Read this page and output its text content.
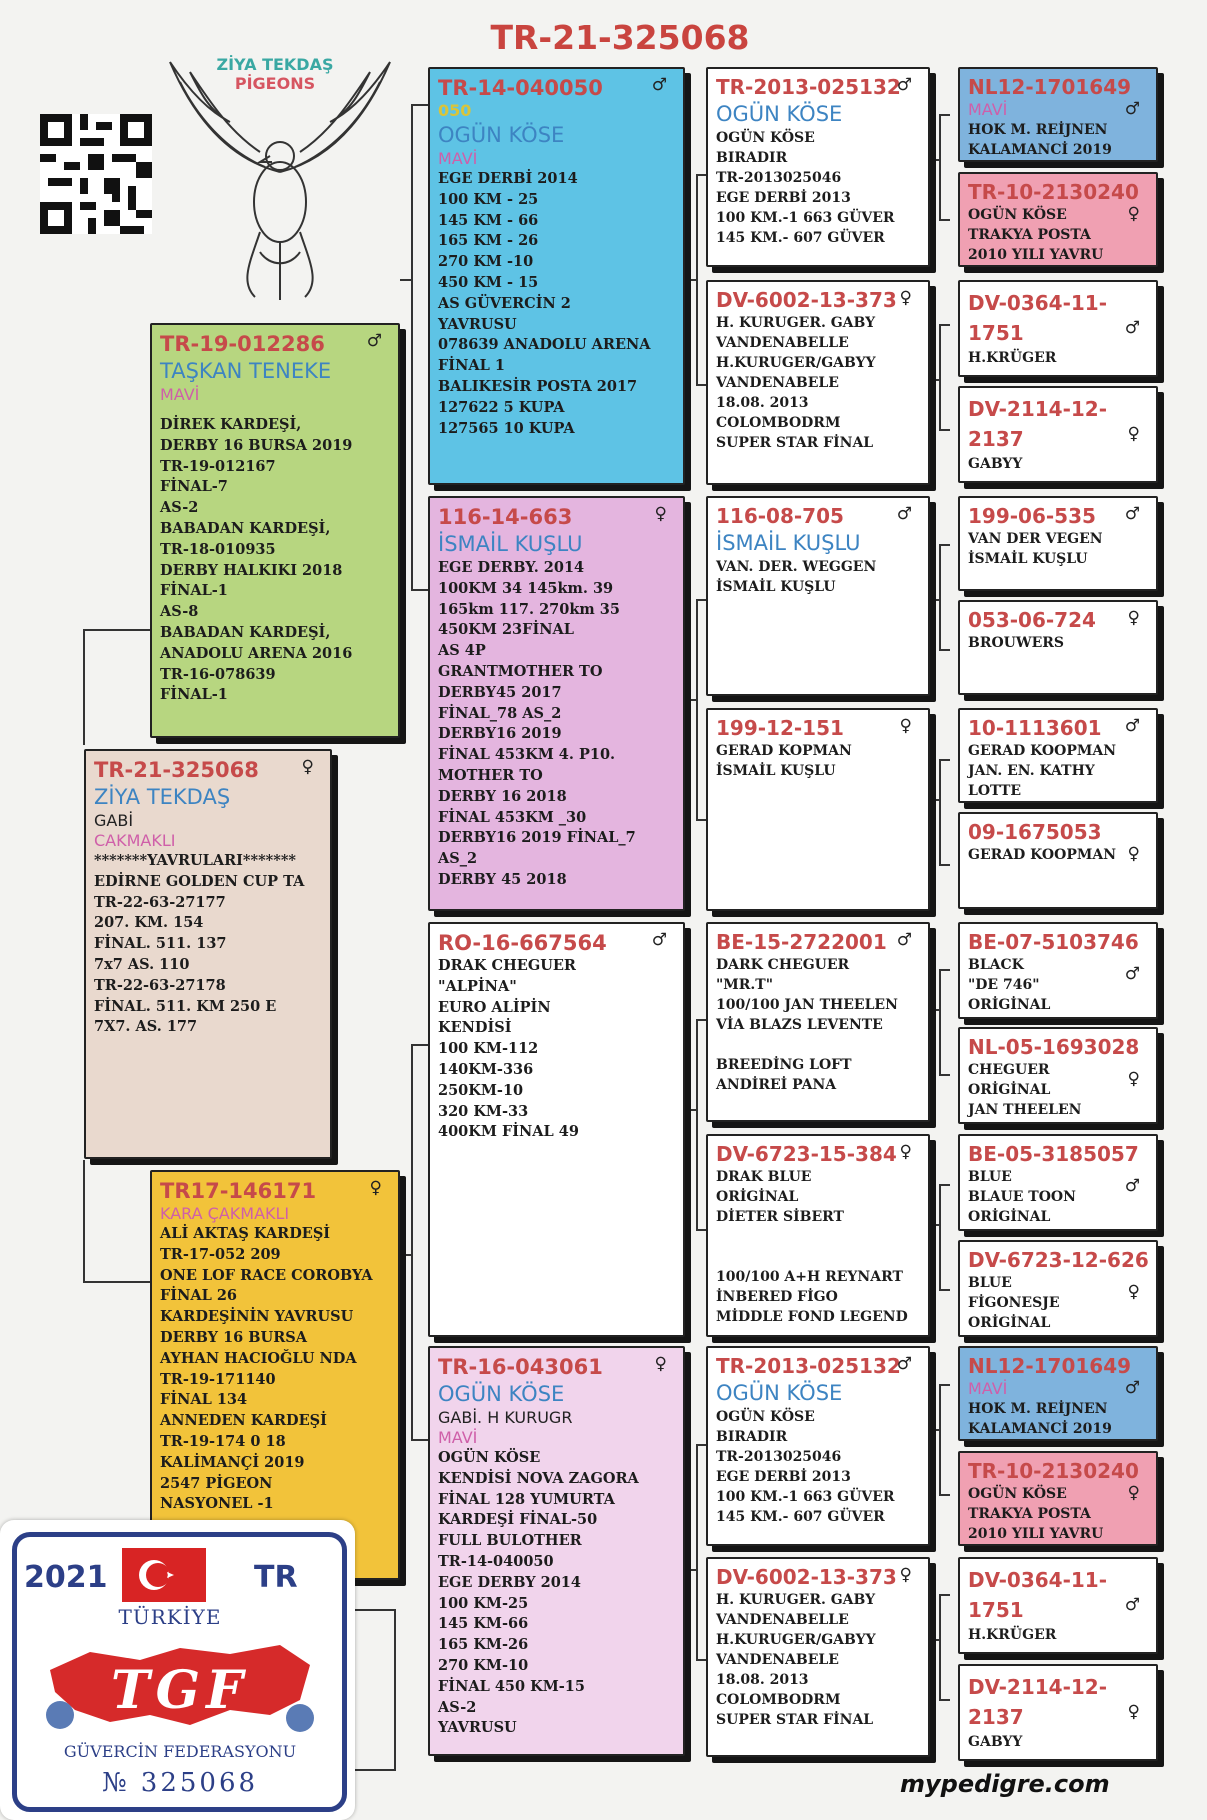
TR-21-325068
ZİYA TEKDAŞ
PİGEONS
TR-21-325068	♀
ZİYA TEKDAŞ
GABİ
CAKMAKLI
*******YAVRULARI*******
EDİRNE GOLDEN CUP TA
TR-22-63-27177
207. KM. 154
FİNAL. 511. 137
7x7 AS. 110
TR-22-63-27178
FİNAL. 511. KM 250 E
7X7. AS. 177
TR-19-012286	♂
TAŞKAN TENEKE
MAVİ
DİREK KARDEŞİ,
DERBY 16 BURSA 2019
TR-19-012167
FİNAL-7
AS-2
BABADAN KARDEŞİ,
TR-18-010935
DERBY HALKIKI 2018
FİNAL-1
AS-8
BABADAN KARDEŞİ,
ANADOLU ARENA 2016
TR-16-078639
FİNAL-1
TR17-146171	♀
KARA ÇAKMAKLI
ALİ AKTAŞ KARDEŞİ
TR-17-052 209
ONE LOF RACE COROBYA
FİNAL 26
KARDEŞİNİN YAVRUSU
DERBY 16 BURSA
AYHAN HACIOĞLU NDA
TR-19-171140
FİNAL 134
ANNEDEN KARDEŞİ
TR-19-174 0 18
KALİMANÇİ 2019
2547 PİGEON
NASYONEL -1
TR-14-040050	♂
050
OGÜN KÖSE
MAVİ
EGE DERBİ 2014
100 KM - 25
145 KM - 66
165 KM - 26
270 KM -10
450 KM - 15
AS GÜVERCİN 2
YAVRUSU
078639 ANADOLU ARENA
FİNAL 1
BALIKESİR POSTA 2017
127622 5 KUPA
127565 10 KUPA
116-14-663	♀
İSMAİL KUŞLU
EGE DERBY. 2014
100KM 34 145km. 39
165km 117. 270km 35
450KM 23FİNAL
AS 4P
GRANTMOTHER TO
DERBY45 2017
FİNAL_78 AS_2
DERBY16 2019
FİNAL 453KM 4. P10.
MOTHER TO
DERBY 16 2018
FİNAL 453KM _30
DERBY16 2019 FİNAL_7
AS_2
DERBY 45 2018
RO-16-667564	♂
DRAK CHEGUER
"ALPİNA"
EURO ALİPİN
KENDİSİ
100 KM-112
140KM-336
250KM-10
320 KM-33
400KM FİNAL 49
TR-16-043061	♀
OGÜN KÖSE
GABİ. H KURUGR
MAVİ
OGÜN KÖSE
KENDİSİ NOVA ZAGORA
FİNAL 128 YUMURTA
KARDEŞİ FİNAL-50
FULL BULOTHER
TR-14-040050
EGE DERBY 2014
100 KM-25
145 KM-66
165 KM-26
270 KM-10
FİNAL 450 KM-15
AS-2
YAVRUSU
TR-2013-025132
♂
OGÜN KÖSE
OGÜN KÖSE
BIRADIR
TR-2013025046
EGE DERBİ 2013
100 KM.-1 663 GÜVER
145 KM.- 607 GÜVER
DV-6002-13-373 ♀
H. KURUGER. GABY
VANDENABELLE
H.KURUGER/GABYY
VANDENABELE
18.08. 2013
COLOMBODRM
SUPER STAR FİNAL
116-08-705	♂
İSMAİL KUŞLU
VAN. DER. WEGGEN
İSMAİL KUŞLU
199-12-151	♀
GERAD KOPMAN
İSMAİL KUŞLU
BE-15-2722001 ♂
DARK CHEGUER
"MR.T"
100/100 JAN THEELEN
VİA BLAZS LEVENTE

BREEDİNG LOFT
ANDİREİ PANA
DV-6723-15-384 ♀
DRAK BLUE
ORİGİNAL
DİETER SİBERT

100/100 A+H REYNART
İNBERED FİGO
MİDDLE FOND LEGEND
TR-2013-025132
♂
OGÜN KÖSE
OGÜN KÖSE
BIRADIR
TR-2013025046
EGE DERBİ 2013
100 KM.-1 663 GÜVER
145 KM.- 607 GÜVER
DV-6002-13-373 ♀
H. KURUGER. GABY
VANDENABELLE
H.KURUGER/GABYY
VANDENABELE
18.08. 2013
COLOMBODRM
SUPER STAR FİNAL
NL12-1701649
♂
MAVİ
HOK M. REİJNEN
KALAMANCİ 2019
TR-10-2130240
♀
OGÜN KÖSE
TRAKYA POSTA
2010 YILI YAVRU
DV-0364-11-1751	♂
H.KRÜGER
DV-2114-12-2137	♀
GABYY
199-06-535	♂
VAN DER VEGEN
İSMAİL KUŞLU
053-06-724	♀
BROUWERS
10-1113601	♂
GERAD KOOPMAN
JAN. EN. KATHY
LOTTE
09-1675053
♀
GERAD KOOPMAN
BE-07-5103746
♂
BLACK
"DE 746"
ORİGİNAL
NL-05-1693028
♀
CHEGUER
ORİGİNAL
JAN THEELEN
BE-05-3185057
♂
BLUE
BLAUE TOON
ORİGİNAL
DV-6723-12-626
♀
BLUE
FİGONESJE
ORİGİNAL
NL12-1701649
♂
MAVİ
HOK M. REİJNEN
KALAMANCİ 2019
TR-10-2130240
♀
OGÜN KÖSE
TRAKYA POSTA
2010 YILI YAVRU
DV-0364-11-1751	♂
H.KRÜGER
DV-2114-12-2137	♀
GABYY
mypedigre.com
2021	TR
TÜRKİYE
TGF
GÜVERCİN FEDERASYONU
№ 325068
